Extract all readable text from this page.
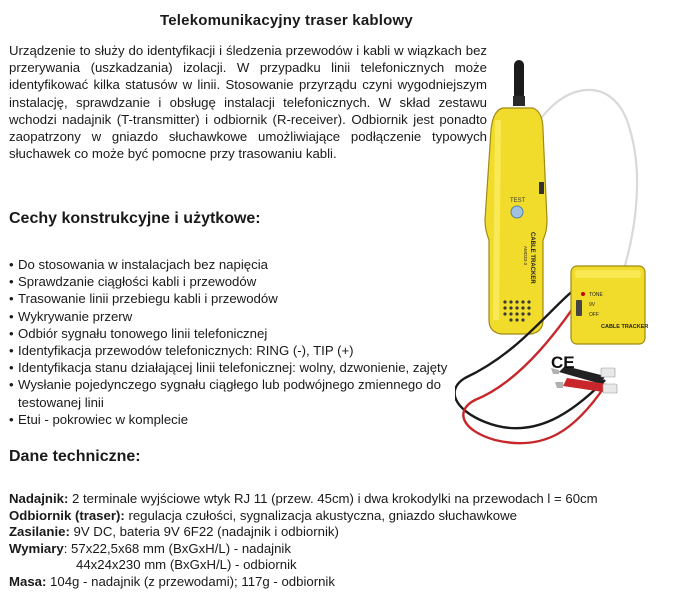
Telekomunikacyjny traser kablowy
Urządzenie to służy do identyfikacji i śledzenia przewodów i kabli w wiązkach bez przerywania (uszkadzania) izolacji. W przypadku linii telefonicznych może identyfikować kilka statusów w linii. Stosowanie przyrządu czyni wygodniejszym instalację, sprawdzanie i obsługę instalacji telefonicznych. W skład zestawu wchodzi nadajnik (T-transmitter) i odbiornik (R-receiver). Odbiornik jest ponadto zaopatrzony w gniazdo słuchawkowe umożliwiające podłączenie typowych słuchawek co może być pomocne przy trasowaniu kabli.
Cechy konstrukcyjne i użytkowe:
• Do stosowania w instalacjach bez napięcia
• Sprawdzanie ciągłości kabli i przewodów
• Trasowanie linii przebiegu kabli i przewodów
• Wykrywanie przerw
• Odbiór sygnału tonowego linii telefonicznej
• Identyfikacja przewodów telefonicznych: RING (-), TIP (+)
• Identyfikacja stanu działającej linii telefonicznej: wolny, dzwonienie, zajęty
• Wysłanie pojedynczego sygnału ciągłego lub podwójnego zmiennego do testowanej linii
• Etui - pokrowiec w komplecie
Dane techniczne:
Nadajnik: 2 terminale wyjściowe wtyk RJ 11 (przew. 45cm) i dwa krokodylki na przewodach l = 60cm
Odbiornik (traser): regulacja czułości, sygnalizacja akustyczna, gniazdo słuchawkowe
Zasilanie: 9V DC, bateria 9V 6F22 (nadajnik i odbiornik)
Wymiary: 57x22,5x68 mm (BxGxH/L) - nadajnik
44x24x230 mm (BxGxH/L) - odbiornik
Masa: 104g - nadajnik (z przewodami); 117g - odbiornik
TEST
CABLE TRACKER
AMD33-3
TONE
9V
OFF
CABLE TRACKER
CE
